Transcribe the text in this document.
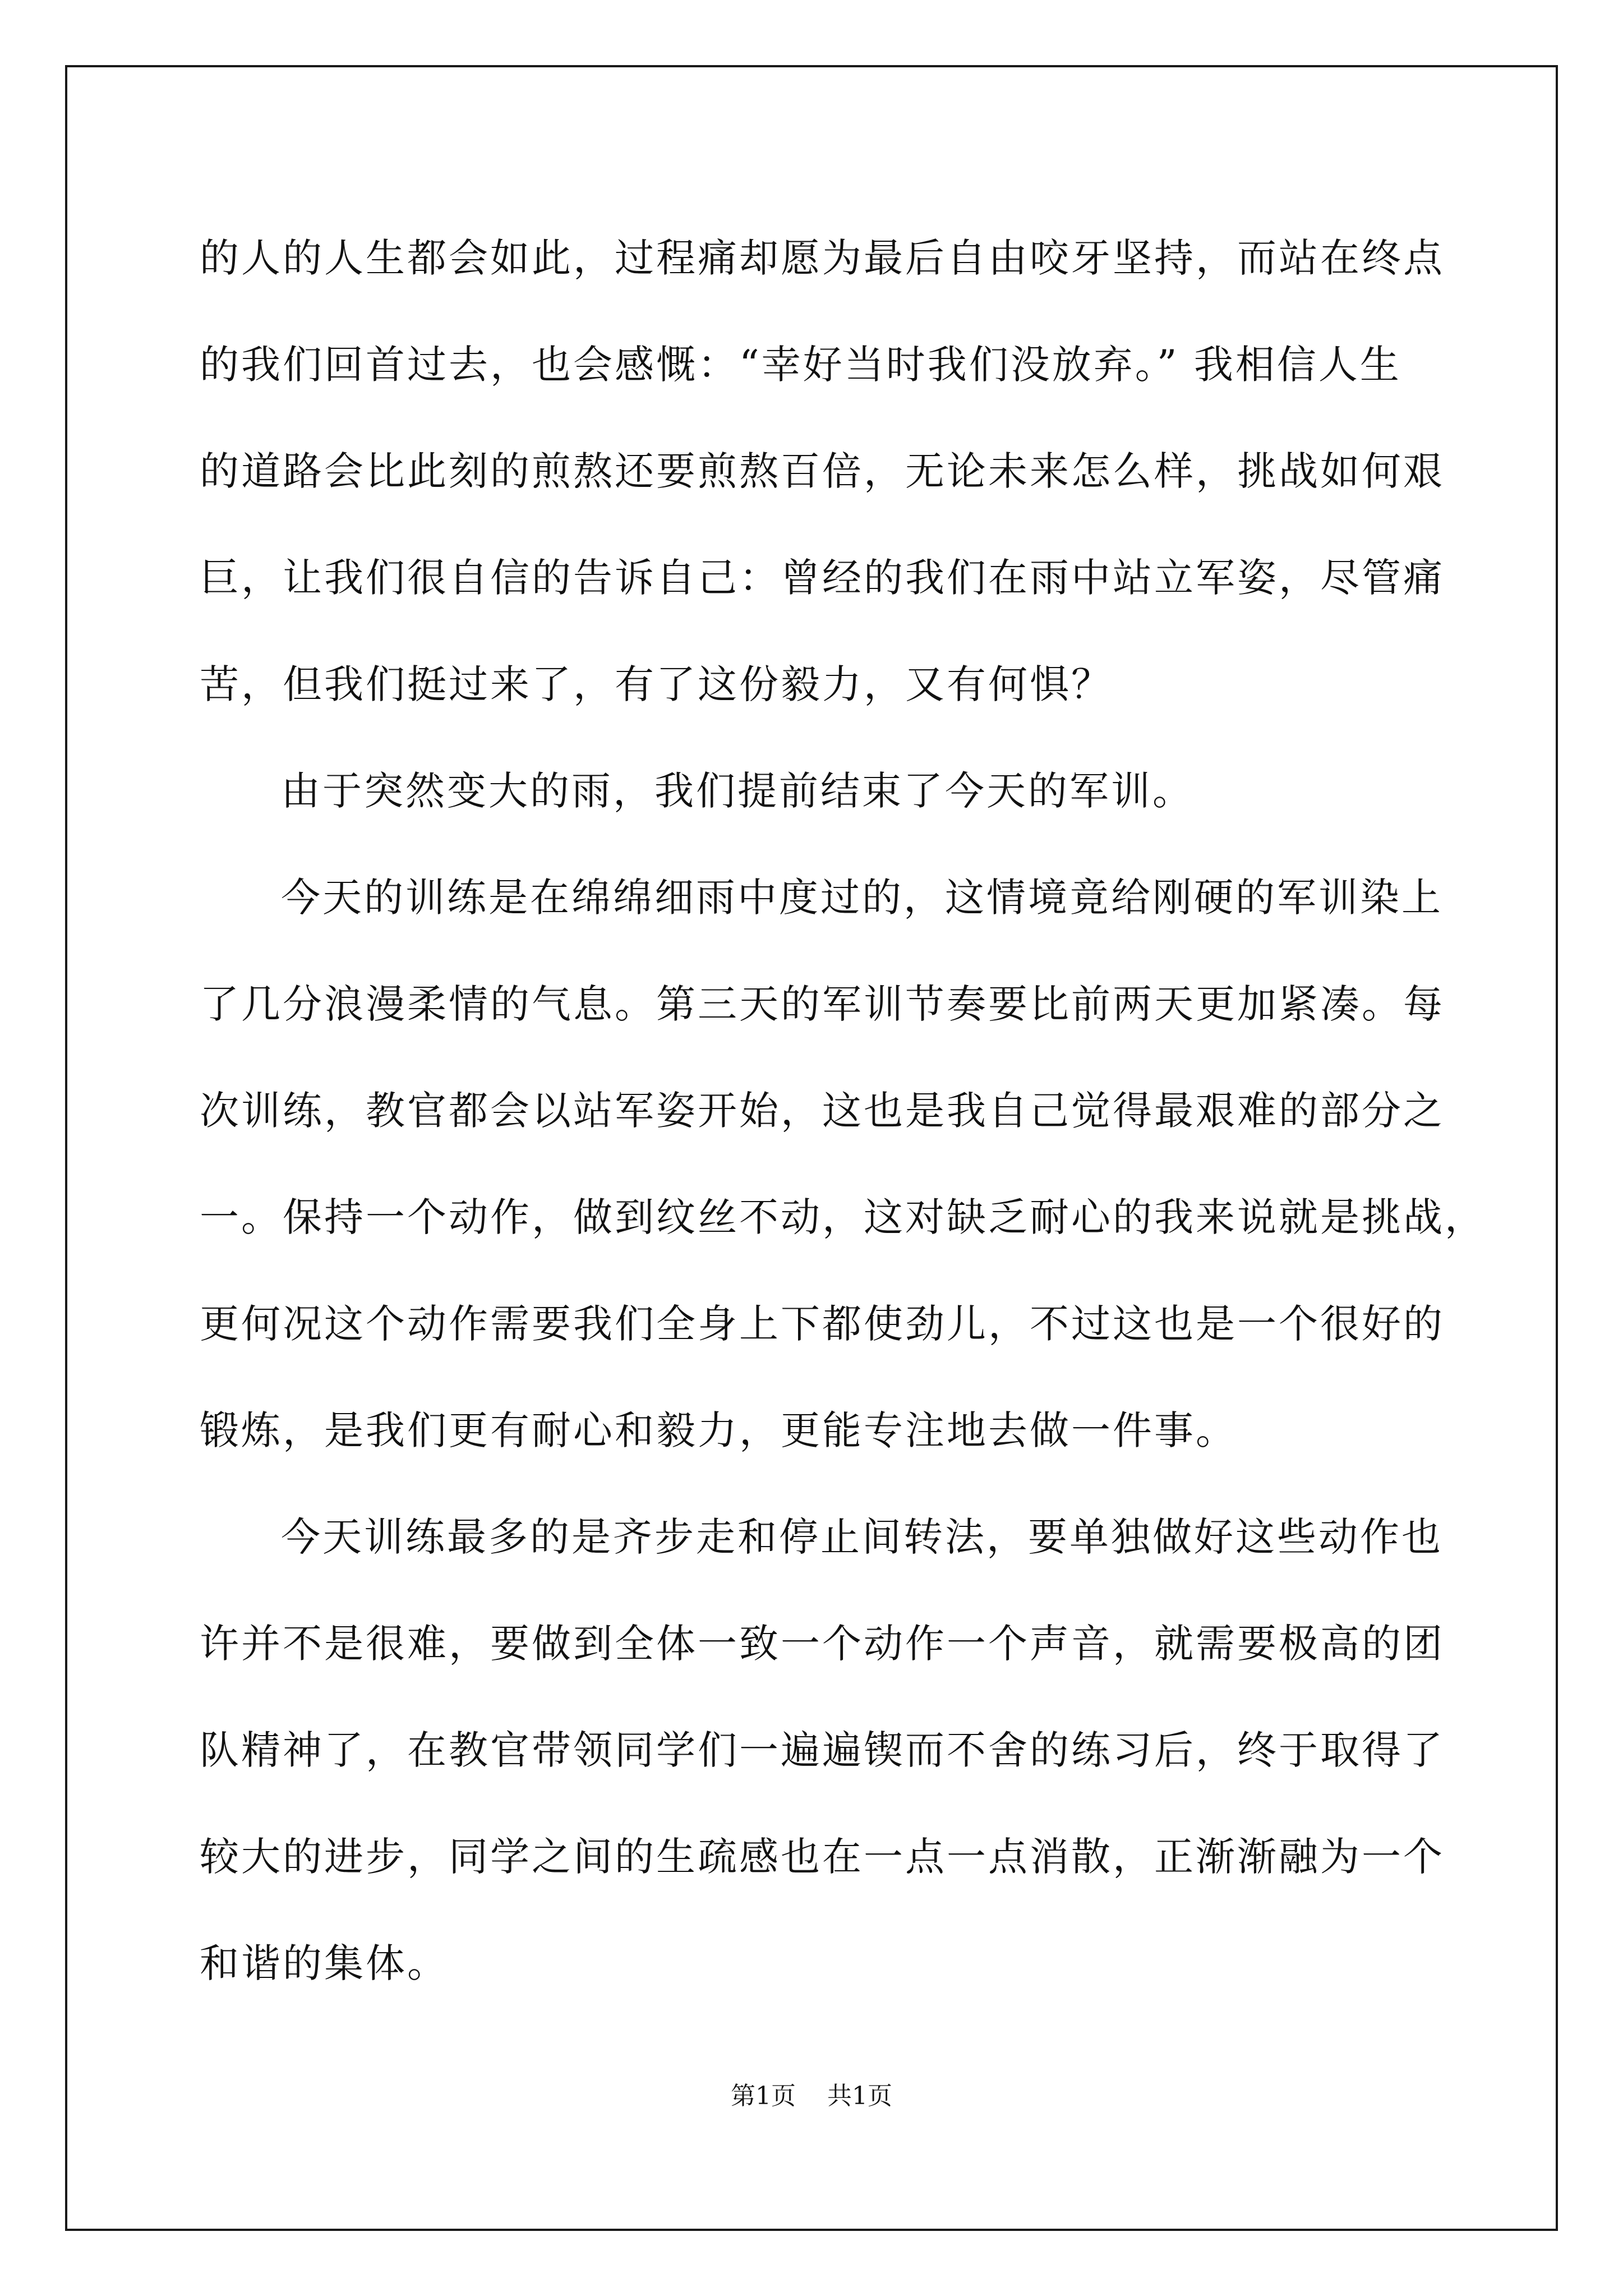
的人的人生都会如此，过程痛却愿为最后自由咬牙坚持，而站在终点
的我们回首过去，也会感慨：“幸好当时我们没放弃。” 我相信人生
的道路会比此刻的煎熬还要煎熬百倍，无论未来怎么样，挑战如何艰
巨，让我们很自信的告诉自己：曾经的我们在雨中站立军姿，尽管痛
苦，但我们挺过来了，有了这份毅力，又有何惧？
由于突然变大的雨，我们提前结束了今天的军训。
今天的训练是在绵绵细雨中度过的，这情境竟给刚硬的军训染上
了几分浪漫柔情的气息。第三天的军训节奏要比前两天更加紧凑。每
次训练，教官都会以站军姿开始，这也是我自己觉得最艰难的部分之
一。保持一个动作，做到纹丝不动，这对缺乏耐心的我来说就是挑战，
更何况这个动作需要我们全身上下都使劲儿，不过这也是一个很好的
锻炼，是我们更有耐心和毅力，更能专注地去做一件事。
今天训练最多的是齐步走和停止间转法，要单独做好这些动作也
许并不是很难，要做到全体一致一个动作一个声音，就需要极高的团
队精神了，在教官带领同学们一遍遍锲而不舍的练习后，终于取得了
较大的进步，同学之间的生疏感也在一点一点消散，正渐渐融为一个
和谐的集体。
第1页 共1页
